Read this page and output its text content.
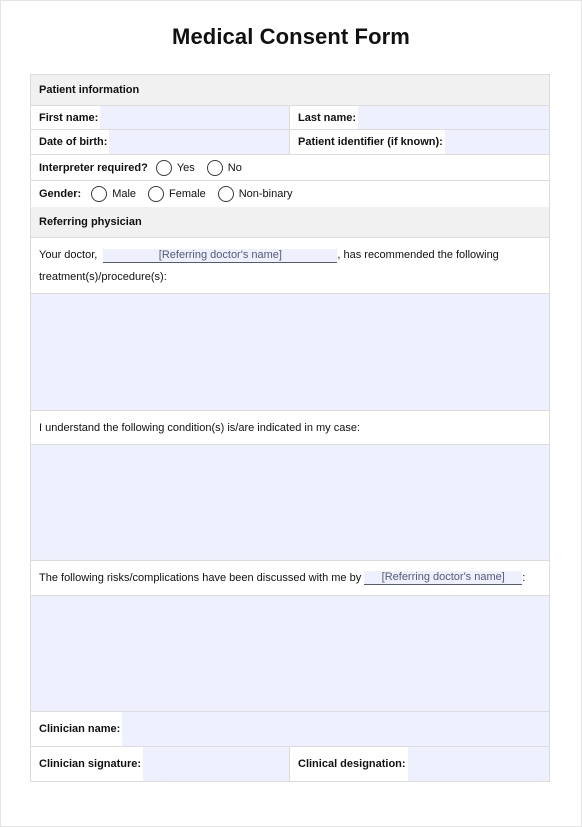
Medical Consent Form
Patient information
First name:	Last name:
Date of birth:	Patient identifier (if known):
Interpreter required?	Yes	No
Gender:	Male	Female	Non-binary
Referring physician
Your doctor,	[Referring doctor's name]	, has recommended the following
treatment(s)/procedure(s):
I understand the following condition(s) is/are indicated in my case:
The following risks/complications have been discussed with me by	[Referring doctor's name]	:
Clinician name:
Clinician signature:	Clinical designation:
